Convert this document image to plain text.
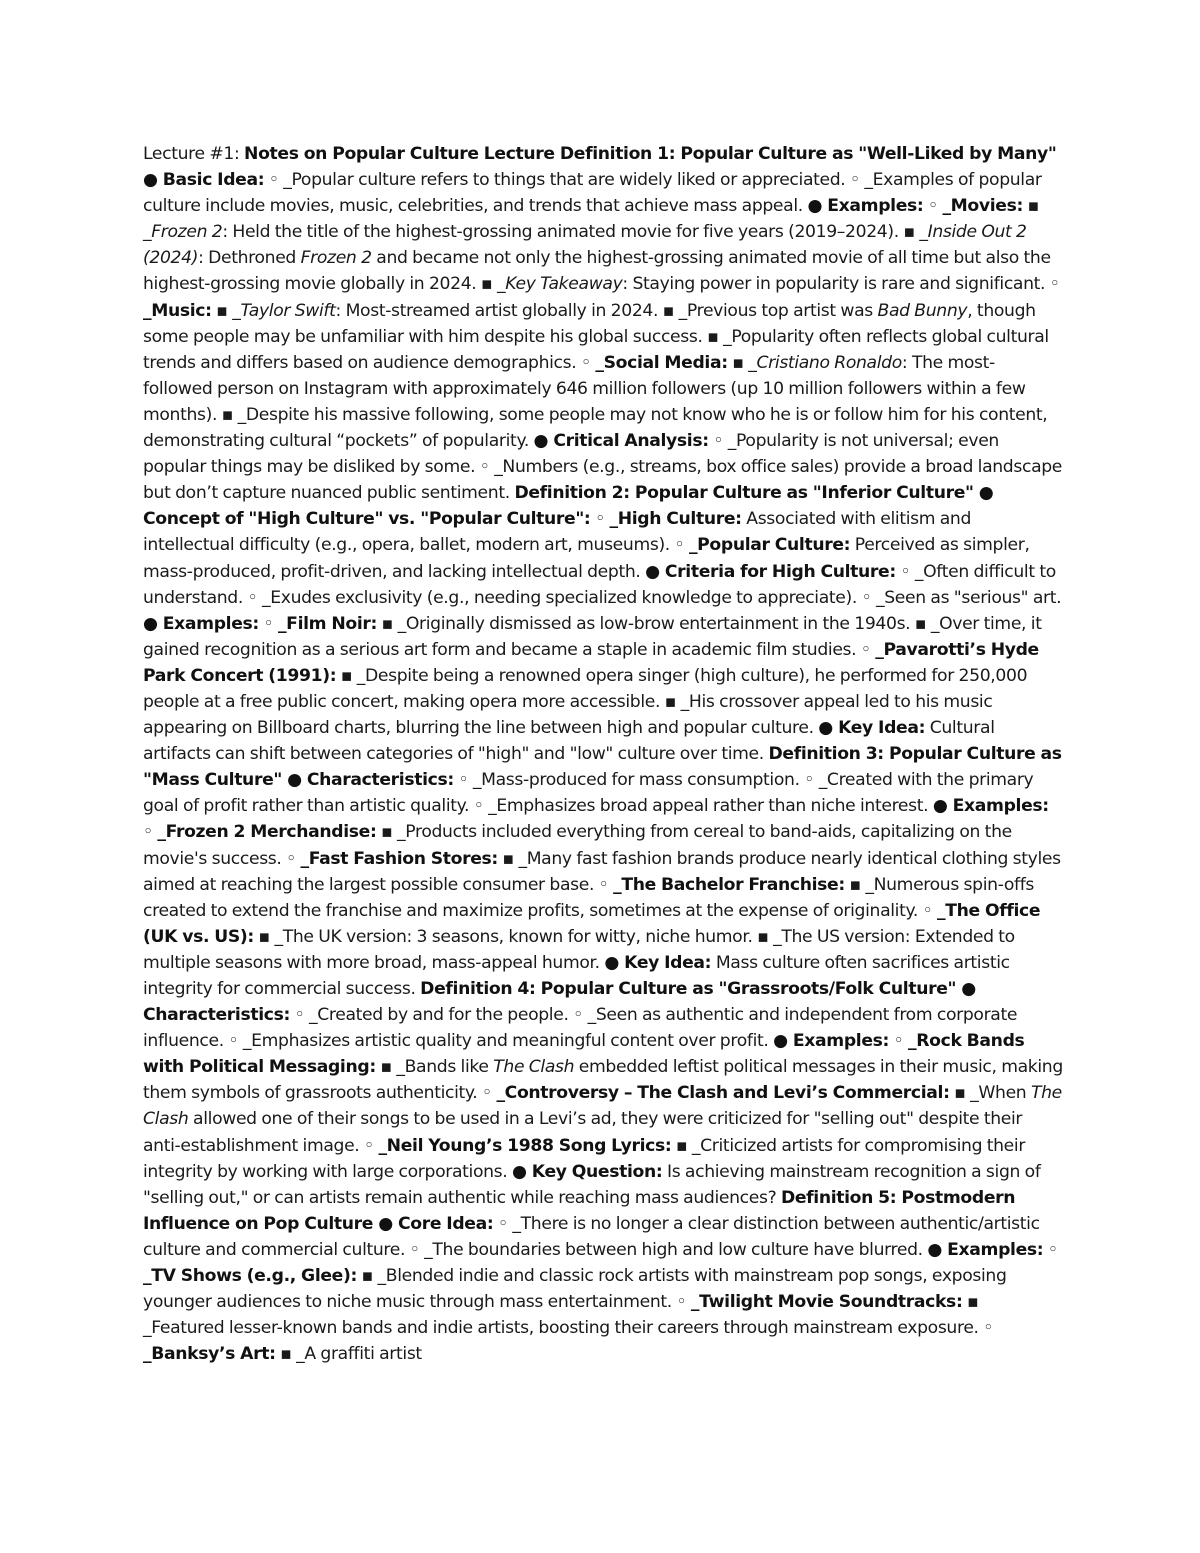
Lecture #1: Notes on Popular Culture Lecture Definition 1: Popular Culture as "Well-Liked by Many" ● Basic Idea: ◦ _Popular culture refers to things that are widely liked or appreciated. ◦ _Examples of popular culture include movies, music, celebrities, and trends that achieve mass appeal. ● Examples: ◦ _Movies: ▪ _Frozen 2: Held the title of the highest-grossing animated movie for five years (2019–2024). ▪ _Inside Out 2 (2024): Dethroned Frozen 2 and became not only the highest-grossing animated movie of all time but also the highest-grossing movie globally in 2024. ▪ _Key Takeaway: Staying power in popularity is rare and significant. ◦ _Music: ▪ _Taylor Swift: Most-streamed artist globally in 2024. ▪ _Previous top artist was Bad Bunny, though some people may be unfamiliar with him despite his global success. ▪ _Popularity often reflects global cultural trends and differs based on audience demographics. ◦ _Social Media: ▪ _Cristiano Ronaldo: The most-followed person on Instagram with approximately 646 million followers (up 10 million followers within a few months). ▪ _Despite his massive following, some people may not know who he is or follow him for his content, demonstrating cultural “pockets” of popularity. ● Critical Analysis: ◦ _Popularity is not universal; even popular things may be disliked by some. ◦ _Numbers (e.g., streams, box office sales) provide a broad landscape but don’t capture nuanced public sentiment. Definition 2: Popular Culture as "Inferior Culture" ● Concept of "High Culture" vs. "Popular Culture": ◦ _High Culture: Associated with elitism and intellectual difficulty (e.g., opera, ballet, modern art, museums). ◦ _Popular Culture: Perceived as simpler, mass-produced, profit-driven, and lacking intellectual depth. ● Criteria for High Culture: ◦ _Often difficult to understand. ◦ _Exudes exclusivity (e.g., needing specialized knowledge to appreciate). ◦ _Seen as "serious" art. ● Examples: ◦ _Film Noir: ▪ _Originally dismissed as low-brow entertainment in the 1940s. ▪ _Over time, it gained recognition as a serious art form and became a staple in academic film studies. ◦ _Pavarotti’s Hyde Park Concert (1991): ▪ _Despite being a renowned opera singer (high culture), he performed for 250,000 people at a free public concert, making opera more accessible. ▪ _His crossover appeal led to his music appearing on Billboard charts, blurring the line between high and popular culture. ● Key Idea: Cultural artifacts can shift between categories of "high" and "low" culture over time. Definition 3: Popular Culture as "Mass Culture" ● Characteristics: ◦ _Mass-produced for mass consumption. ◦ _Created with the primary goal of profit rather than artistic quality. ◦ _Emphasizes broad appeal rather than niche interest. ● Examples: ◦ _Frozen 2 Merchandise: ▪ _Products included everything from cereal to band-aids, capitalizing on the movie's success. ◦ _Fast Fashion Stores: ▪ _Many fast fashion brands produce nearly identical clothing styles aimed at reaching the largest possible consumer base. ◦ _The Bachelor Franchise: ▪ _Numerous spin-offs created to extend the franchise and maximize profits, sometimes at the expense of originality. ◦ _The Office (UK vs. US): ▪ _The UK version: 3 seasons, known for witty, niche humor. ▪ _The US version: Extended to multiple seasons with more broad, mass-appeal humor. ● Key Idea: Mass culture often sacrifices artistic integrity for commercial success. Definition 4: Popular Culture as "Grassroots/Folk Culture" ● Characteristics: ◦ _Created by and for the people. ◦ _Seen as authentic and independent from corporate influence. ◦ _Emphasizes artistic quality and meaningful content over profit. ● Examples: ◦ _Rock Bands with Political Messaging: ▪ _Bands like The Clash embedded leftist political messages in their music, making them symbols of grassroots authenticity. ◦ _Controversy – The Clash and Levi’s Commercial: ▪ _When The Clash allowed one of their songs to be used in a Levi’s ad, they were criticized for "selling out" despite their anti-establishment image. ◦ _Neil Young’s 1988 Song Lyrics: ▪ _Criticized artists for compromising their integrity by working with large corporations. ● Key Question: Is achieving mainstream recognition a sign of "selling out," or can artists remain authentic while reaching mass audiences? Definition 5: Postmodern Influence on Pop Culture ● Core Idea: ◦ _There is no longer a clear distinction between authentic/artistic culture and commercial culture. ◦ _The boundaries between high and low culture have blurred. ● Examples: ◦ _TV Shows (e.g., Glee): ▪ _Blended indie and classic rock artists with mainstream pop songs, exposing younger audiences to niche music through mass entertainment. ◦ _Twilight Movie Soundtracks: ▪ _Featured lesser-known bands and indie artists, boosting their careers through mainstream exposure. ◦ _Banksy’s Art: ▪ _A graffiti artist
